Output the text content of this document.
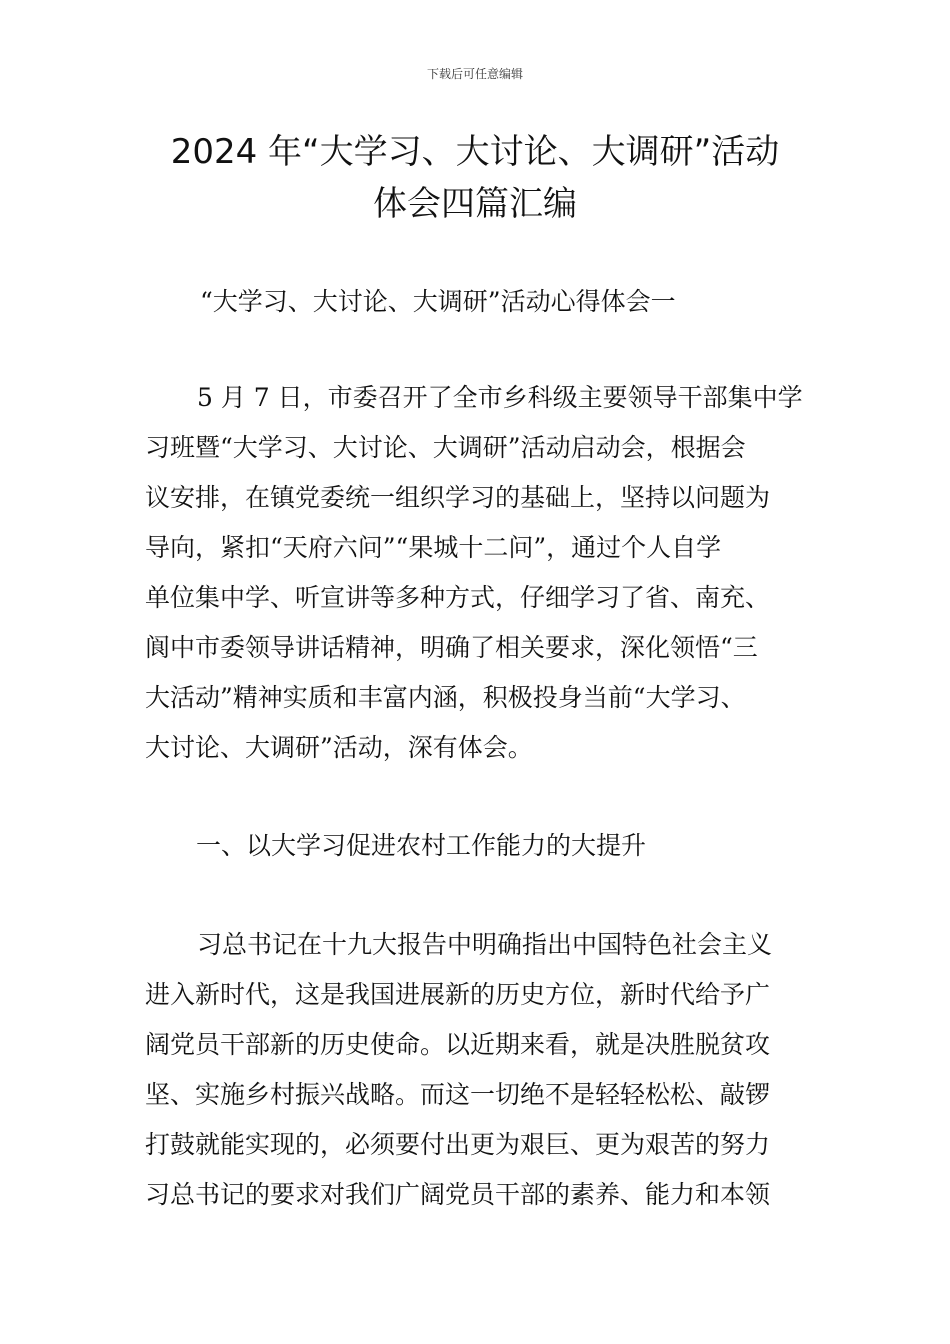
下载后可任意编辑
2024 年“大学习、大讨论、大调研”活动
体会四篇汇编
“大学习、大讨论、大调研”活动心得体会一
5 月 7 日，市委召开了全市乡科级主要领导干部集中学
习班暨“大学习、大讨论、大调研”活动启动会，根据会
议安排，在镇党委统一组织学习的基础上，坚持以问题为
导向，紧扣“天府六问”“果城十二问”，通过个人自学
单位集中学、听宣讲等多种方式，仔细学习了省、南充、
阆中市委领导讲话精神，明确了相关要求，深化领悟“三
大活动”精神实质和丰富内涵，积极投身当前“大学习、
大讨论、大调研”活动，深有体会。
一、以大学习促进农村工作能力的大提升
习总书记在十九大报告中明确指出中国特色社会主义
进入新时代，这是我国进展新的历史方位，新时代给予广
阔党员干部新的历史使命。以近期来看，就是决胜脱贫攻
坚、实施乡村振兴战略。而这一切绝不是轻轻松松、敲锣
打鼓就能实现的，必须要付出更为艰巨、更为艰苦的努力
习总书记的要求对我们广阔党员干部的素养、能力和本领
